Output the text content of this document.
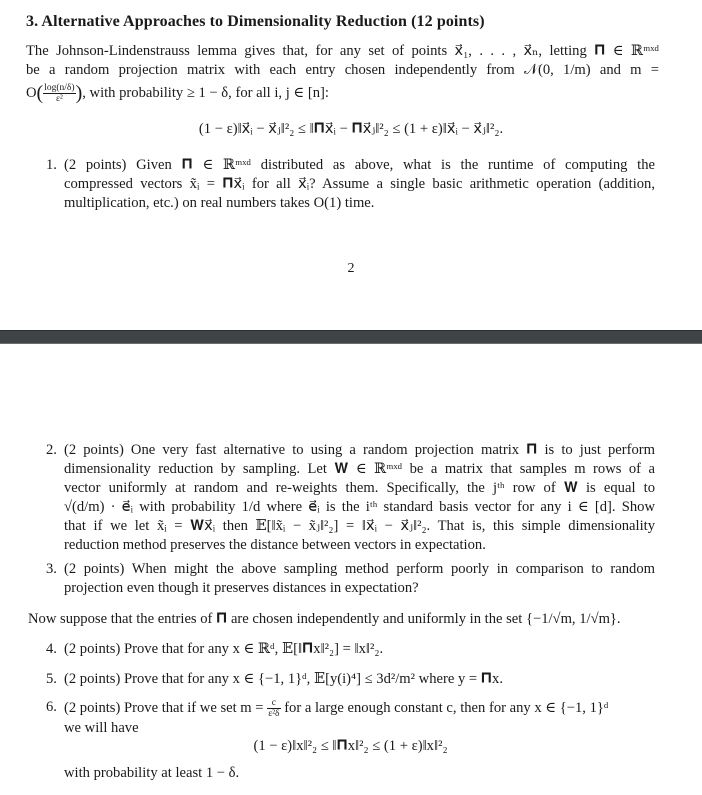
3. Alternative Approaches to Dimensionality Reduction (12 points)
The Johnson-Lindenstrauss lemma gives that, for any set of points x⃗₁, . . . , x⃗ₙ, letting 𝚷 ∈ ℝᵐˣᵈ
be a random projection matrix with each entry chosen independently from 𝒩(0, 1/m) and m =
$O( \frac{\log(n/\delta)}{\text{ε²}}$ ), with probability ≥ 1 − δ, for all i, j ∈ [n]:
(1 − ε)‖x⃗ᵢ − x⃗ⱼ‖²₂ ≤ ‖𝚷x⃗ᵢ − 𝚷x⃗ⱼ‖²₂ ≤ (1 + ε)‖x⃗ᵢ − x⃗ⱼ‖²₂.
1. (2 points) Given 𝚷 ∈ ℝᵐˣᵈ distributed as above, what is the runtime of computing the
compressed vectors x̃ᵢ = 𝚷x⃗ᵢ for all x⃗ᵢ? Assume a single basic arithmetic operation (addition,
multiplication, etc.) on real numbers takes O(1) time.
2
2. (2 points) One very fast alternative to using a random projection matrix 𝚷 is to just perform
dimensionality reduction by sampling. Let 𝐖 ∈ ℝᵐˣᵈ be a matrix that samples m rows of a
vector uniformly at random and re-weights them. Specifically, the jᵗʰ row of 𝐖 is equal to
√(d/m) · e⃗ᵢ with probability 1/d where e⃗ᵢ is the iᵗʰ standard basis vector for any i ∈ [d]. Show
that if we let x̃ᵢ = 𝐖x⃗ᵢ then 𝔼[‖x̃ᵢ − x̃ⱼ‖²₂] = ‖x⃗ᵢ − x⃗ⱼ‖²₂. That is, this simple dimensionality
reduction method preserves the distance between vectors in expectation.
3. (2 points) When might the above sampling method perform poorly in comparison to random
projection even though it preserves distances in expectation?
Now suppose that the entries of 𝚷 are chosen independently and uniformly in the set {−1/√m, 1/√m}.
4. (2 points) Prove that for any x ∈ ℝᵈ, 𝔼[‖𝚷x‖²₂] = ‖x‖²₂.
5. (2 points) Prove that for any x ∈ {−1, 1}ᵈ, 𝔼[y(i)⁴] ≤ 3d²/m² where y = 𝚷x.
6. (2 points) Prove that if we set $m = \frac{c}{\text{ε²δ}}$ for a large enough constant c, then for any x ∈ {−1, 1}ᵈ
we will have
(1 − ε)‖x‖²₂ ≤ ‖𝚷x‖²₂ ≤ (1 + ε)‖x‖²₂
with probability at least 1 − δ.
